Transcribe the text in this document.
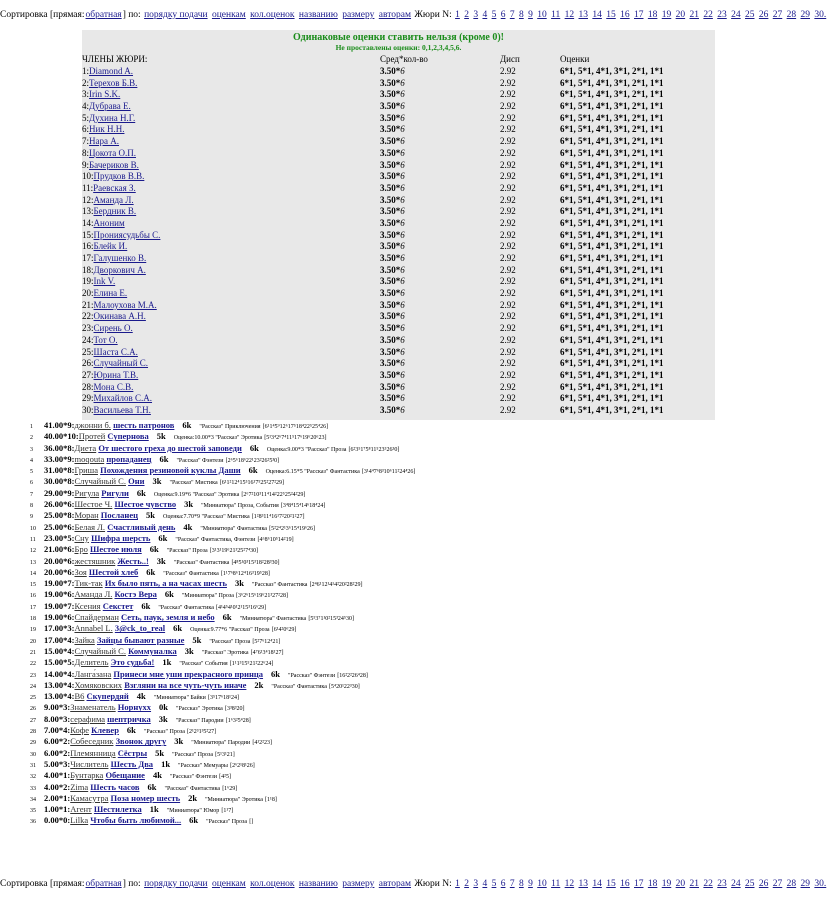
Сортировка [прямая:обратная] по: порядку подачи оценкам кол.оценок названию размеру авторам Жюри N: 1 2 3 4 5 6 7 8 9 10 11 12 13 14 15 16 17 18 19 20 21 22 23 24 25 26 27 28 29 30.
Одинаковые оценки ставить нельзя (кроме 0)!
Не проставлены оценки: 0,1,2,3,4,5,6.
ЧЛЕНЫ ЖЮРИ:	Сред*кол-во	Дисп	Оценки
1:Diamond A.	3.50*6	2.92	6*1, 5*1, 4*1, 3*1, 2*1, 1*1
2:Терехов Б.В.	3.50*6	2.92	6*1, 5*1, 4*1, 3*1, 2*1, 1*1
3:Irin S.K.	3.50*6	2.92	6*1, 5*1, 4*1, 3*1, 2*1, 1*1
4:Дубрава Е.	3.50*6	2.92	6*1, 5*1, 4*1, 3*1, 2*1, 1*1
5:Духина Н.Г.	3.50*6	2.92	6*1, 5*1, 4*1, 3*1, 2*1, 1*1
6:Ник Н.Н.	3.50*6	2.92	6*1, 5*1, 4*1, 3*1, 2*1, 1*1
7:Нара А.	3.50*6	2.92	6*1, 5*1, 4*1, 3*1, 2*1, 1*1
8:Цокота О.П.	3.50*6	2.92	6*1, 5*1, 4*1, 3*1, 2*1, 1*1
9:Бачериков В.	3.50*6	2.92	6*1, 5*1, 4*1, 3*1, 2*1, 1*1
10:Прудков В.В.	3.50*6	2.92	6*1, 5*1, 4*1, 3*1, 2*1, 1*1
11:Раевская З.	3.50*6	2.92	6*1, 5*1, 4*1, 3*1, 2*1, 1*1
12:Аманда Л.	3.50*6	2.92	6*1, 5*1, 4*1, 3*1, 2*1, 1*1
13:Бердник В.	3.50*6	2.92	6*1, 5*1, 4*1, 3*1, 2*1, 1*1
14:Аноним	3.50*6	2.92	6*1, 5*1, 4*1, 3*1, 2*1, 1*1
15:Прониясудьбы С.	3.50*6	2.92	6*1, 5*1, 4*1, 3*1, 2*1, 1*1
16:Блейк И.	3.50*6	2.92	6*1, 5*1, 4*1, 3*1, 2*1, 1*1
17:Галушенко В.	3.50*6	2.92	6*1, 5*1, 4*1, 3*1, 2*1, 1*1
18:Дворкович А.	3.50*6	2.92	6*1, 5*1, 4*1, 3*1, 2*1, 1*1
19:Ink V.	3.50*6	2.92	6*1, 5*1, 4*1, 3*1, 2*1, 1*1
20:Елина Е.	3.50*6	2.92	6*1, 5*1, 4*1, 3*1, 2*1, 1*1
21:Малоухова М.А.	3.50*6	2.92	6*1, 5*1, 4*1, 3*1, 2*1, 1*1
22:Окинава А.Н.	3.50*6	2.92	6*1, 5*1, 4*1, 3*1, 2*1, 1*1
23:Сирень О.	3.50*6	2.92	6*1, 5*1, 4*1, 3*1, 2*1, 1*1
24:Тот О.	3.50*6	2.92	6*1, 5*1, 4*1, 3*1, 2*1, 1*1
25:Шаста С.А.	3.50*6	2.92	6*1, 5*1, 4*1, 3*1, 2*1, 1*1
26:Случайный С.	3.50*6	2.92	6*1, 5*1, 4*1, 3*1, 2*1, 1*1
27:Юрина Т.В.	3.50*6	2.92	6*1, 5*1, 4*1, 3*1, 2*1, 1*1
28:Мона С.В.	3.50*6	2.92	6*1, 5*1, 4*1, 3*1, 2*1, 1*1
29:Михайлов С.А.	3.50*6	2.92	6*1, 5*1, 4*1, 3*1, 2*1, 1*1
30:Васильева Т.Н.	3.50*6	2.92	6*1, 5*1, 4*1, 3*1, 2*1, 1*1
1 41.00*9:джонни б. шесть патронов 6k "Рассказ" Приключения [6¹1⁴5⁹12⁶17⁵18⁴22⁵25⁴26]
2 40.00*10:Протей Супернова 5k Оценка:10.00*3 "Рассказ" Эротика [5¹3⁴2⁶7⁴11⁵17⁶19⁶20⁶23]
3 36.00*8:Диета От шестого греха до шестой заповеди 6k Оценка:9.00*3 "Рассказ" Проза [6²3⁵1⁷5⁸11⁵23⁵26³0]
4 33.00*9:moqouta пропаданец 6k "Рассказ" Фэнтези [2⁶5⁶18⁶22¹23²26²5³0]
5 31.00*8:Гриша Похождения резиновой куклы Даши 6k Оценка:6.15*5 "Рассказ" Фантастика [3¹4⁴7⁶8³10⁶11²24⁴26]
6 30.00*8:Случайный С. Они 3k "Рассказ" Мистика [6¹1²12⁴15⁵16¹7⁵25²27²29]
7 29.00*9:Ригула Ригули 6k Оценка:9.19*6 "Рассказ" Эротика [2⁶7²10³11⁴14²22⁵25²4²29]
8 26.00*6:Шестое Ч. Шестое чувство 3k "Миниатюра" Проза, События [3⁴8⁴15⁴14⁶18⁴24]
9 25.00*8:Моран Посланец 5k Оценка:7.70*9 "Рассказ" Мистика [1²8³11⁴16¹7²20²1²27]
10 25.00*6:Белая Л. Счастливый день 4k "Миниатюра" Фантастика [5²2⁴2¹3⁶15⁴19⁶26]
11 23.00*5:Сну Шифра шерсть 6k "Рассказ" Фантастика, Фэнтези [4⁶8⁶10⁵14²19]
12 21.00*6:Бро Шестое июля 6k "Рассказ" Проза [3¹3¹19⁶21³25²7⁴30]
13 20.00*6:жестяшник Жесть..! 3k "Рассказ" Фантастика [4⁸5¹0³15³18²28³30]
14 20.00*6:Зоя Шестой хлеб 6k "Рассказ" Фантастика [1¹7⁶8⁶12⁴16³19⁵28]
15 19.00*7:Тик-так Их было пять, а на часах шесть 3k "Рассказ" Фантастика [2⁴6¹12¹4¹4²20²28²29]
16 19.00*6:Аманда Л. Костэ Вера 6k "Миниатюра" Проза [3⁶2⁶15⁶19⁶21³27²28]
17 19.00*7:Ксения Секстет 6k "Рассказ" Фантастика [4¹4⁵4¹0¹2¹15³16⁶29]
18 19.00*6:Спайдерман Сеть, паук, земля и небо 6k "Миниатюра" Фантастика [5⁵3⁷1¹0²15³24⁵30]
19 17.00*3:Annabel L. 3@ck_to_real 6k Оценка:9.77*6 "Рассказ" Проза [6¹4²0⁶29]
20 17.00*4:Зайка Зайцы бывают разные 5k "Рассказ" Проза [5²7⁶12⁴21]
21 15.00*4:Случайный С. Коммуналка 3k "Рассказ" Эротика [4⁷6¹3⁴18¹27]
22 15.00*5:Делитель Это судьба! 1k "Рассказ" События [1¹1³15⁵21²22⁶24]
23 14.00*4:Ланга́зана Принеси мне уши прекрасного принца 6k "Рассказ" Фэнтези [16²2²26⁴28]
24 13.00*4:Хомяковских Взгляни на все чуть-чуть иначе 2k "Рассказ" Фантастика [5⁴20¹22³30]
25 13.00*4:В6 Скупердяй 4k "Миниатюра" Байки [3⁵17⁶18¹24]
26 9.00*3:Знаменатель Норнухх 0k "Рассказ" Эротика [3³8³20]
27 8.00*3:серафима шептричка 3k "Рассказ" Пародии [1⁶3²5⁴28]
28 7.00*4:Кофе Клевер 6k "Рассказ" Проза [2¹2³1³5²27]
29 6.00*2:Собеседник Звонок другу 3k "Миниатюра" Пародии [4¹2²23]
30 6.00*2:Племянница Сёстры 5k "Рассказ" Проза [5¹3¹21]
31 5.00*3:Числитель Шесть Два 1k "Рассказ" Мемуары [2⁶2¹8¹26]
32 4.00*1:Бунтарка Обещание 4k "Рассказ" Фэнтези [4²5]
33 4.00*2:Zima Шесть часов 6k "Рассказ" Фантастика [1⁶29]
34 2.00*1:Камасутра Поза номер шесть 2k "Миниатюра" Эротика [1¹8]
35 1.00*1:Агент Шестилетка 1k "Миниатюра" Юмор [1¹7]
36 0.00*0:Lilka Чтобы быть любимой... 6k "Рассказ" Проза []
Сортировка [прямая:обратная] по: порядку подачи оценкам кол.оценок названию размеру авторам Жюри N: 1 2 3 4 5 6 7 8 9 10 11 12 13 14 15 16 17 18 19 20 21 22 23 24 25 26 27 28 29 30.
